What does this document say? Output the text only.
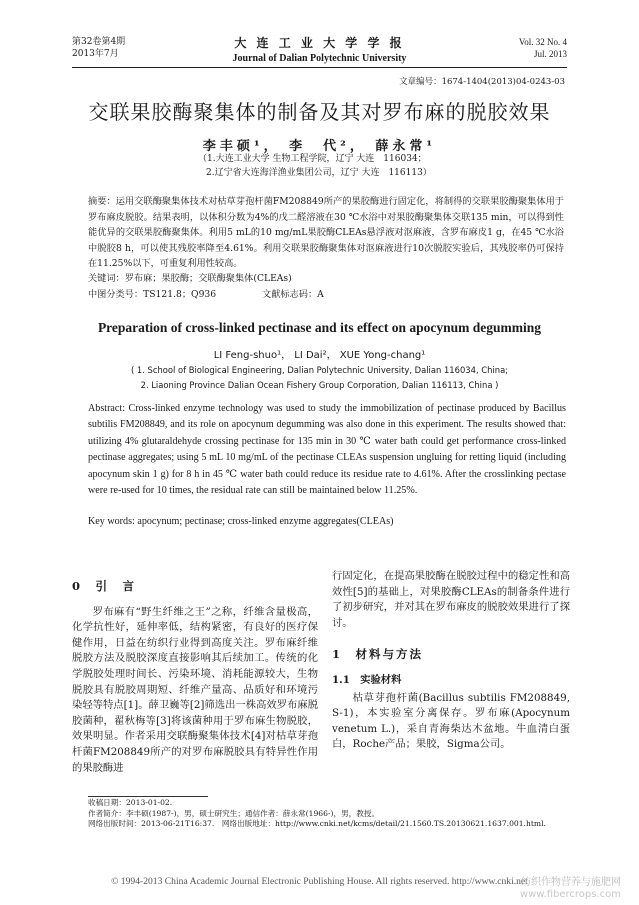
第32卷第4期
2013年7月
大 连 工 业 大 学 学 报
Journal of Dalian Polytechnic University
Vol. 32 No. 4
Jul. 2013
文章编号：1674-1404(2013)04-0243-03
交联果胶酶聚集体的制备及其对罗布麻的脱胶效果
李丰硕¹， 李　代²， 薛永常¹
（1.大连工业大学 生物工程学院，辽宁 大连　116034；
2.辽宁省大连海洋渔业集团公司，辽宁 大连　116113）
摘要：运用交联酶聚集体技术对枯草芽孢杆菌FM208849所产的果胶酶进行固定化，将制得的交联果胶酶聚集体用于罗布麻皮脱胶。结果表明，以体积分数为4%的戊二醛溶液在30 ℃水浴中对果胶酶聚集体交联135 min，可以得到性能优异的交联果胶酶聚集体。利用5 mL的10 mg/mL果胶酶CLEAs悬浮液对沤麻液，含罗布麻皮1 g，在45 ℃水浴中脱胶8 h，可以使其残胶率降至4.61%。利用交联果胶酶聚集体对沤麻液进行10次脱胶实验后，其残胶率仍可保持在11.25%以下，可重复利用性较高。
关键词：罗布麻；果胶酶；交联酶聚集体(CLEAs)
中图分类号：TS121.8；Q936　　　　　文献标志码：A
Preparation of cross-linked pectinase and its effect on apocynum degumming
LI Feng-shuo¹， LI Dai²， XUE Yong-chang¹
( 1. School of Biological Engineering, Dalian Polytechnic University, Dalian 116034, China;
2. Liaoning Province Dalian Ocean Fishery Group Corporation, Dalian 116113, China )
Abstract: Cross-linked enzyme technology was used to study the immobilization of pectinase produced by Bacillus subtilis FM208849, and its role on apocynum degumming was also done in this experiment. The results showed that: utilizing 4% glutaraldehyde crossing pectinase for 135 min in 30 ℃ water bath could get performance cross-linked pectinase aggregates; using 5 mL 10 mg/mL of the pectinase CLEAs suspension ungluing for retting liquid (including apocynum skin 1 g) for 8 h in 45 ℃ water bath could reduce its residue rate to 4.61%. After the crosslinking pectase were re-used for 10 times, the residual rate can still be maintained below 11.25%.
Key words: apocynum; pectinase; cross-linked enzyme aggregates(CLEAs)
0　引　言

罗布麻有“野生纤维之王”之称，纤维含量极高，化学抗性好，延伸率低，结构紧密，有良好的医疗保健作用，日益在纺织行业得到高度关注。罗布麻纤维脱胶方法及脱胶深度直接影响其后续加工。传统的化学脱胶处理时间长、污染环境、消耗能源较大，生物脱胶具有脱胶周期短、纤维产量高、品质好和环境污染轻等特点[1]。薛卫巍等[2]筛选出一株高效罗布麻脱胶菌种，翟秋梅等[3]将该菌种用于罗布麻生物脱胶，效果明显。作者采用交联酶聚集体技术[4]对枯草芽孢杆菌FM208849所产的对罗布麻脱胶具有特异性作用的果胶酶进

行固定化，在提高果胶酶在脱胶过程中的稳定性和高效性[5]的基础上，对果胶酶CLEAs的制备条件进行了初步研究，并对其在罗布麻皮的脱胶效果进行了探讨。

1　材料与方法
1.1　实验材料

枯草芽孢杆菌(Bacillus subtilis FM208849, S-1)，本实验室分离保存。罗布麻(Apocynum venetum L.)，采自青海柴达木盆地。牛血清白蛋白，Roche产品；果胶，Sigma公司。

收稿日期：2013-01-02.
作者简介：李丰硕(1987-)，男，硕士研究生；通信作者：薛永常(1966-)，男，教授。
网络出版时间：2013-06-21T16:37.　网络出版地址：http://www.cnki.net/kcms/detail/21.1560.TS.20130621.1637.001.html.
© 1994-2013 China Academic Journal Electronic Publishing House. All rights reserved. http://www.cnki.net
纺织作物营养与施肥网
www.fibercrops.com
